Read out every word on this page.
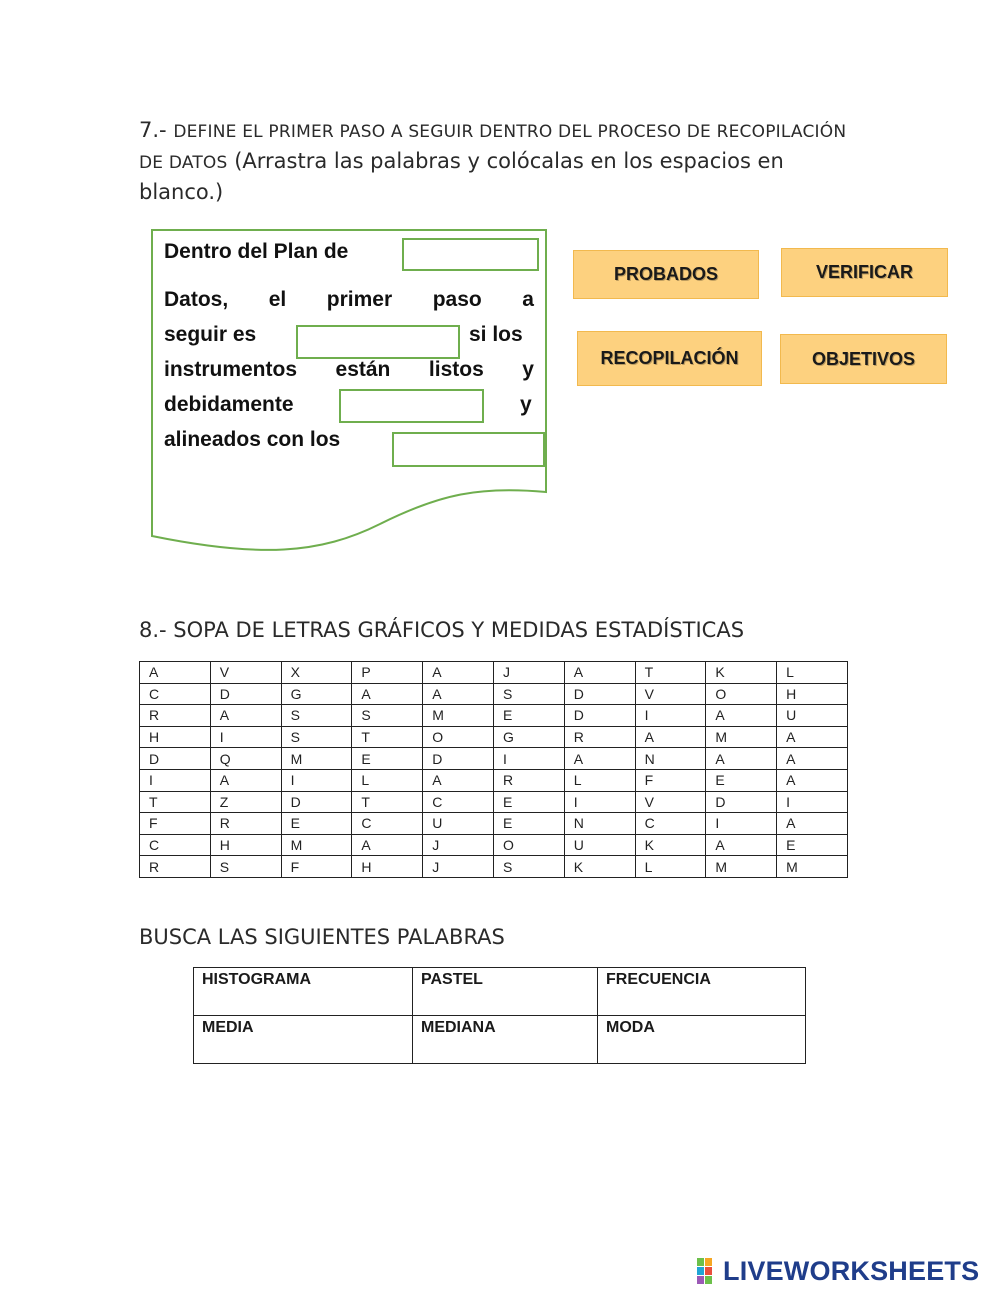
7.- DEFINE EL PRIMER PASO A SEGUIR DENTRO DEL PROCESO DE RECOPILACIÓN DE DATOS (Arrastra las palabras y colócalas en los espacios en blanco.)
Dentro del Plan de
Datos, el primer paso a
seguir es	si los
instrumentos están listos y
debidamente	y
alineados con los
PROBADOS	VERIFICAR
RECOPILACIÓN	OBJETIVOS
8.- SOPA DE LETRAS GRÁFICOS Y MEDIDAS ESTADÍSTICAS
A	V	X	P	A	J	A	T	K	L
C	D	G	A	A	S	D	V	O	H
R	A	S	S	M	E	D	I	A	U
H	I	S	T	O	G	R	A	M	A
D	Q	M	E	D	I	A	N	A	A
I	A	I	L	A	R	L	F	E	A
T	Z	D	T	C	E	I	V	D	I
F	R	E	C	U	E	N	C	I	A
C	H	M	A	J	O	U	K	A	E
R	S	F	H	J	S	K	L	M	M
BUSCA LAS SIGUIENTES PALABRAS
HISTOGRAMA	PASTEL	FRECUENCIA
MEDIA	MEDIANA	MODA
LIVEWORKSHEETS
